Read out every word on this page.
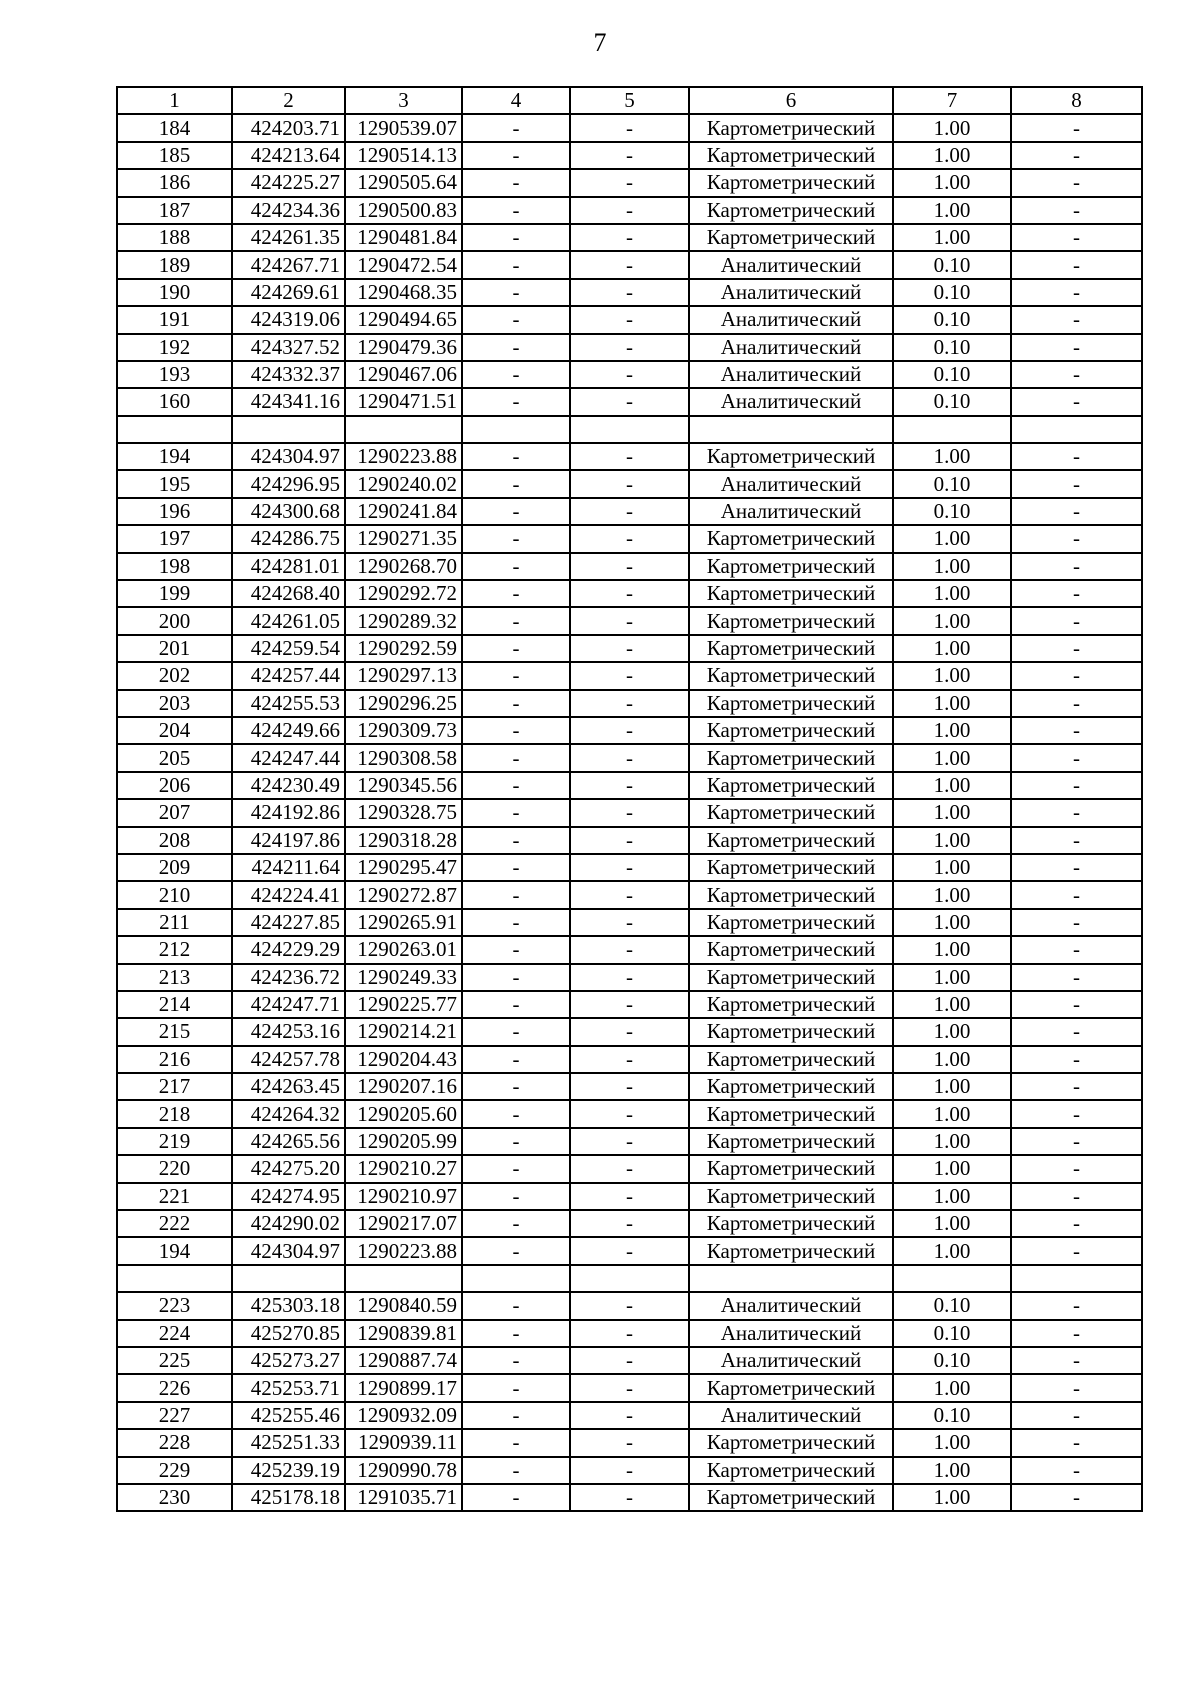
7
1	2	3	4	5	6	7	8
184	424203.71	1290539.07	-	-	Картометрический	1.00	-
185	424213.64	1290514.13	-	-	Картометрический	1.00	-
186	424225.27	1290505.64	-	-	Картометрический	1.00	-
187	424234.36	1290500.83	-	-	Картометрический	1.00	-
188	424261.35	1290481.84	-	-	Картометрический	1.00	-
189	424267.71	1290472.54	-	-	Аналитический	0.10	-
190	424269.61	1290468.35	-	-	Аналитический	0.10	-
191	424319.06	1290494.65	-	-	Аналитический	0.10	-
192	424327.52	1290479.36	-	-	Аналитический	0.10	-
193	424332.37	1290467.06	-	-	Аналитический	0.10	-
160	424341.16	1290471.51	-	-	Аналитический	0.10	-

194	424304.97	1290223.88	-	-	Картометрический	1.00	-
195	424296.95	1290240.02	-	-	Аналитический	0.10	-
196	424300.68	1290241.84	-	-	Аналитический	0.10	-
197	424286.75	1290271.35	-	-	Картометрический	1.00	-
198	424281.01	1290268.70	-	-	Картометрический	1.00	-
199	424268.40	1290292.72	-	-	Картометрический	1.00	-
200	424261.05	1290289.32	-	-	Картометрический	1.00	-
201	424259.54	1290292.59	-	-	Картометрический	1.00	-
202	424257.44	1290297.13	-	-	Картометрический	1.00	-
203	424255.53	1290296.25	-	-	Картометрический	1.00	-
204	424249.66	1290309.73	-	-	Картометрический	1.00	-
205	424247.44	1290308.58	-	-	Картометрический	1.00	-
206	424230.49	1290345.56	-	-	Картометрический	1.00	-
207	424192.86	1290328.75	-	-	Картометрический	1.00	-
208	424197.86	1290318.28	-	-	Картометрический	1.00	-
209	424211.64	1290295.47	-	-	Картометрический	1.00	-
210	424224.41	1290272.87	-	-	Картометрический	1.00	-
211	424227.85	1290265.91	-	-	Картометрический	1.00	-
212	424229.29	1290263.01	-	-	Картометрический	1.00	-
213	424236.72	1290249.33	-	-	Картометрический	1.00	-
214	424247.71	1290225.77	-	-	Картометрический	1.00	-
215	424253.16	1290214.21	-	-	Картометрический	1.00	-
216	424257.78	1290204.43	-	-	Картометрический	1.00	-
217	424263.45	1290207.16	-	-	Картометрический	1.00	-
218	424264.32	1290205.60	-	-	Картометрический	1.00	-
219	424265.56	1290205.99	-	-	Картометрический	1.00	-
220	424275.20	1290210.27	-	-	Картометрический	1.00	-
221	424274.95	1290210.97	-	-	Картометрический	1.00	-
222	424290.02	1290217.07	-	-	Картометрический	1.00	-
194	424304.97	1290223.88	-	-	Картометрический	1.00	-

223	425303.18	1290840.59	-	-	Аналитический	0.10	-
224	425270.85	1290839.81	-	-	Аналитический	0.10	-
225	425273.27	1290887.74	-	-	Аналитический	0.10	-
226	425253.71	1290899.17	-	-	Картометрический	1.00	-
227	425255.46	1290932.09	-	-	Аналитический	0.10	-
228	425251.33	1290939.11	-	-	Картометрический	1.00	-
229	425239.19	1290990.78	-	-	Картометрический	1.00	-
230	425178.18	1291035.71	-	-	Картометрический	1.00	-
